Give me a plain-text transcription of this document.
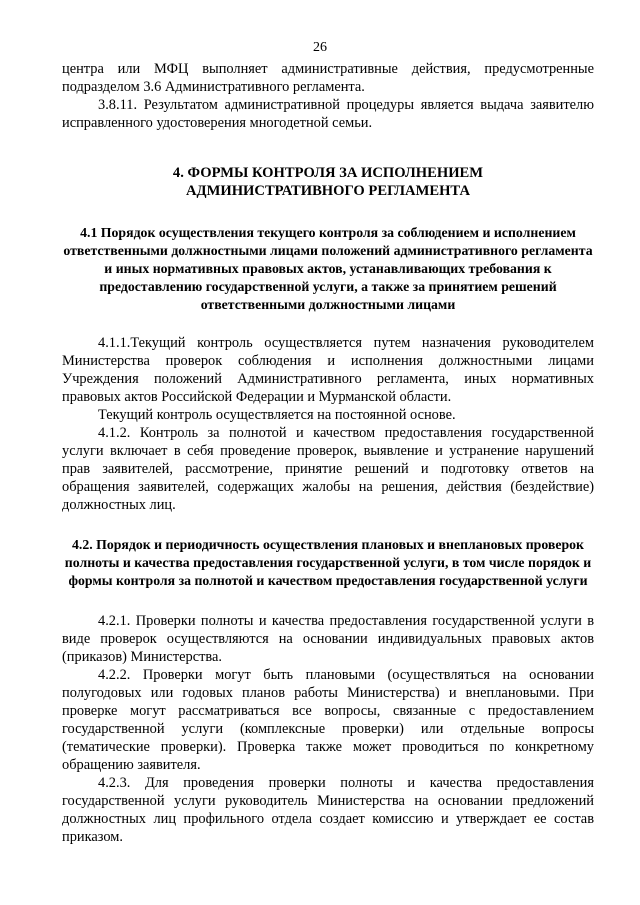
26

центра или МФЦ выполняет административные действия, предусмотренные подразделом 3.6 Административного регламента.

3.8.11. Результатом административной процедуры является выдача заявителю исправленного удостоверения многодетной семьи.

4. ФОРМЫ КОНТРОЛЯ ЗА ИСПОЛНЕНИЕМ
АДМИНИСТРАТИВНОГО РЕГЛАМЕНТА
4.1 Порядок осуществления текущего контроля за соблюдением и исполнением ответственными должностными лицами положений административного регламента и иных нормативных правовых актов, устанавливающих требования к предоставлению государственной услуги, а также за принятием решений ответственными должностными лицами

4.1.1.Текущий контроль осуществляется путем назначения руководителем Министерства проверок соблюдения и исполнения должностными лицами Учреждения положений Административного регламента, иных нормативных правовых актов Российской Федерации и Мурманской области.

Текущий контроль осуществляется на постоянной основе.

4.1.2. Контроль за полнотой и качеством предоставления государственной услуги включает в себя проведение проверок, выявление и устранение нарушений прав заявителей, рассмотрение, принятие решений и подготовку ответов на обращения заявителей, содержащих жалобы на решения, действия (бездействие) должностных лиц.

4.2. Порядок и периодичность осуществления плановых и внеплановых проверок полноты и качества предоставления государственной услуги, в том числе порядок и формы контроля за полнотой и качеством предоставления государственной услуги

4.2.1. Проверки полноты и качества предоставления государственной услуги в виде проверок осуществляются на основании индивидуальных правовых актов (приказов) Министерства.

4.2.2. Проверки могут быть плановыми (осуществляться на основании полугодовых или годовых планов работы Министерства) и внеплановыми. При проверке могут рассматриваться все вопросы, связанные с предоставлением государственной услуги (комплексные проверки) или отдельные вопросы (тематические проверки). Проверка также может проводиться по конкретному обращению заявителя.

4.2.3. Для проведения проверки полноты и качества предоставления государственной услуги руководитель Министерства на основании предложений должностных лиц профильного отдела создает комиссию и утверждает ее состав приказом.
